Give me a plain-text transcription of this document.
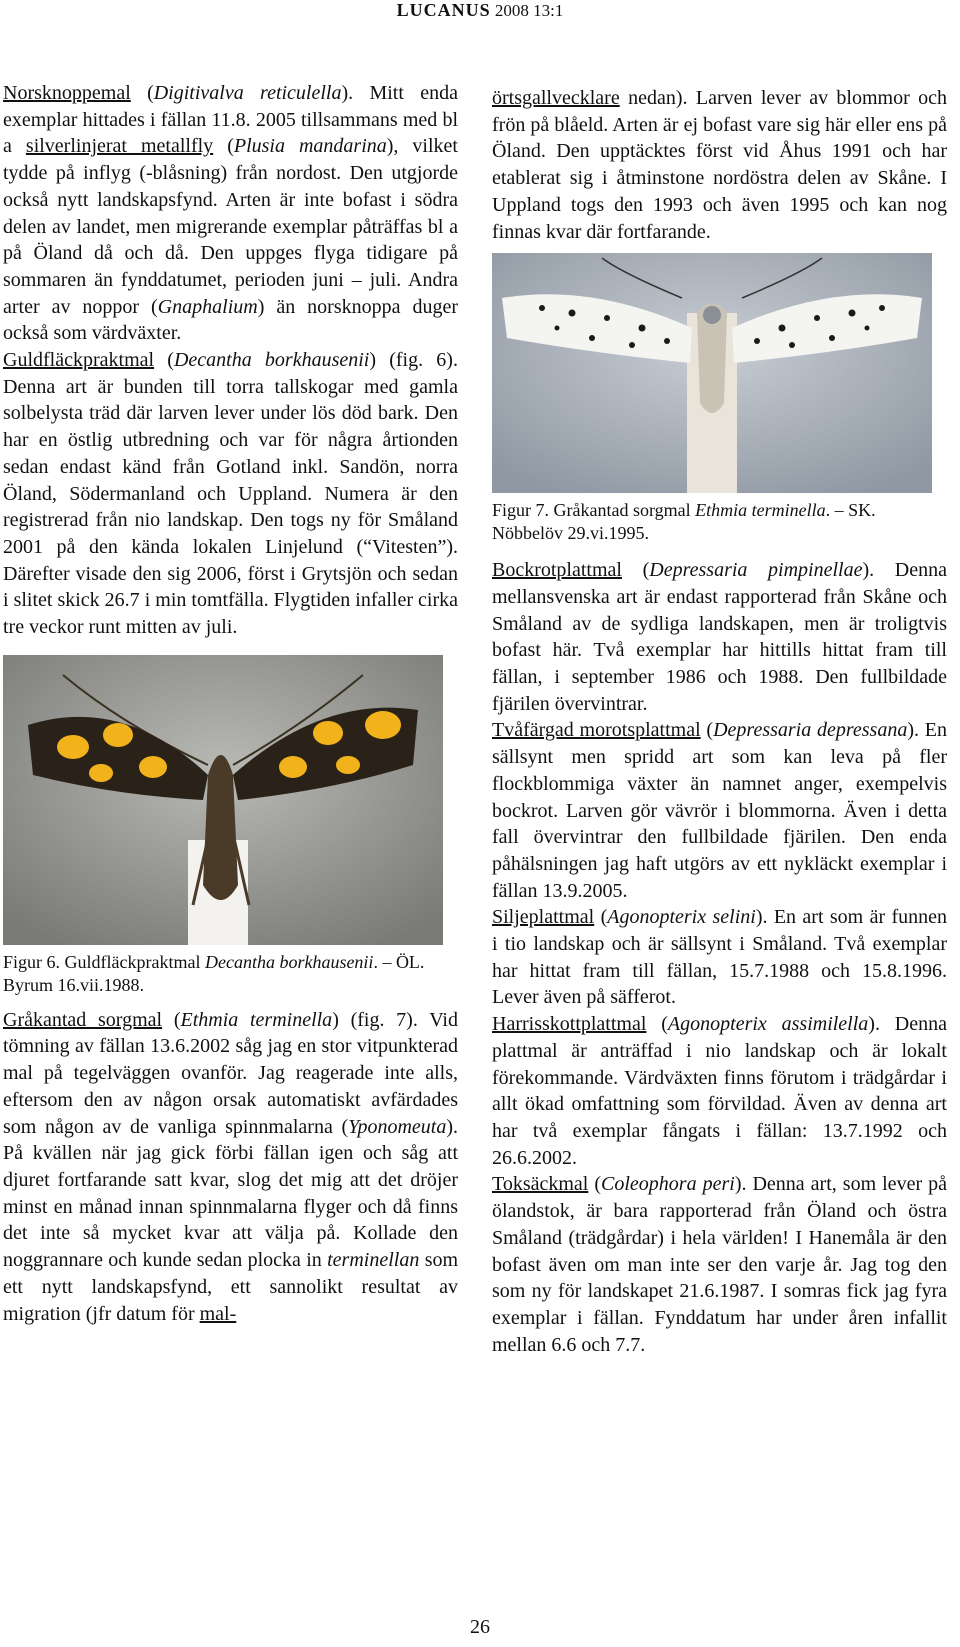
LUCANUS 2008 13:1

Norsknoppemal (Digitivalva reticulella). Mitt enda exemplar hittades i fällan 11.8. 2005 tillsammans med bl a silverlinjerat metallfly (Plusia mandarina), vilket tydde på inflyg (-blåsning) från nordost. Den utgjorde också nytt landskapsfynd. Arten är inte bofast i södra delen av landet, men migrerande exemplar påträffas bl a på Öland då och då. Den uppges flyga tidigare på sommaren än fynddatumet, perioden juni – juli. Andra arter av noppor (Gnaphalium) än norsknoppa duger också som värdväxter.

Guldfläckpraktmal (Decantha borkhausenii) (fig. 6). Denna art är bunden till torra tallskogar med gamla solbelysta träd där larven lever under lös död bark. Den har en östlig utbredning och var för några årtionden sedan endast känd från Gotland inkl. Sandön, norra Öland, Södermanland och Uppland. Numera är den registrerad från nio landskap. Den togs ny för Småland 2001 på den kända lokalen Linjelund (“Vitesten”). Därefter visade den sig 2006, först i Grytsjön och sedan i slitet skick 26.7 i min tomtfälla. Flygtiden infaller cirka tre veckor runt mitten av juli.

Figur 6. Guldfläckpraktmal Decantha borkhausenii. – ÖL. Byrum 16.vii.1988.

Gråkantad sorgmal (Ethmia terminella) (fig. 7). Vid tömning av fällan 13.6.2002 såg jag en stor vitpunkterad mal på tegelväggen ovanför. Jag reagerade inte alls, eftersom den av någon orsak automatiskt avfärdades som någon av de vanliga spinnmalarna (Yponomeuta). På kvällen när jag gick förbi fällan igen och såg att djuret fortfarande satt kvar, slog det mig att det dröjer minst en månad innan spinnmalarna flyger och då finns det inte så mycket kvar att välja på. Kollade den noggrannare och kunde sedan plocka in terminellan som ett nytt landskapsfynd, ett sannolikt resultat av migration (jfr datum för mal-

örtsgallvecklare nedan). Larven lever av blommor och frön på blåeld. Arten är ej bofast vare sig här eller ens på Öland. Den upptäcktes först vid Åhus 1991 och har etablerat sig i åtminstone nordöstra delen av Skåne. I Uppland togs den 1993 och även 1995 och kan nog finnas kvar där fortfarande.

Figur 7. Gråkantad sorgmal Ethmia terminella. – SK. Nöbbelöv 29.vi.1995.

Bockrotplattmal (Depressaria pimpinellae). Denna mellansvenska art är endast rapporterad från Skåne och Småland av de sydliga landskapen, men är troligtvis bofast här. Två exemplar har hittills hittat fram till fällan, i september 1986 och 1988. Den fullbildade fjärilen övervintrar.

Tvåfärgad morotsplattmal (Depressaria depressana). En sällsynt men spridd art som kan leva på fler flockblommiga växter än namnet anger, exempelvis bockrot. Larven gör vävrör i blommorna. Även i detta fall övervintrar den fullbildade fjärilen. Den enda påhälsningen jag haft utgörs av ett nykläckt exemplar i fällan 13.9.2005.

Siljeplattmal (Agonopterix selini). En art som är funnen i tio landskap och är sällsynt i Småland. Två exemplar har hittat fram till fällan, 15.7.1988 och 15.8.1996. Lever även på säfferot.

Harrisskottplattmal (Agonopterix assimilella). Denna plattmal är anträffad i nio landskap och är lokalt förekommande. Värdväxten finns förutom i trädgårdar i allt ökad omfattning som förvildad. Även av denna art har två exemplar fångats i fällan: 13.7.1992 och 26.6.2002.

Toksäckmal (Coleophora peri). Denna art, som lever på ölandstok, är bara rapporterad från Öland och östra Småland (trädgårdar) i hela världen! I Hanemåla är den bofast även om man inte ser den varje år. Jag tog den som ny för landskapet 21.6.1987. I somras fick jag fyra exemplar i fällan. Fynddatum har under åren infallit mellan 6.6 och 7.7.

26
